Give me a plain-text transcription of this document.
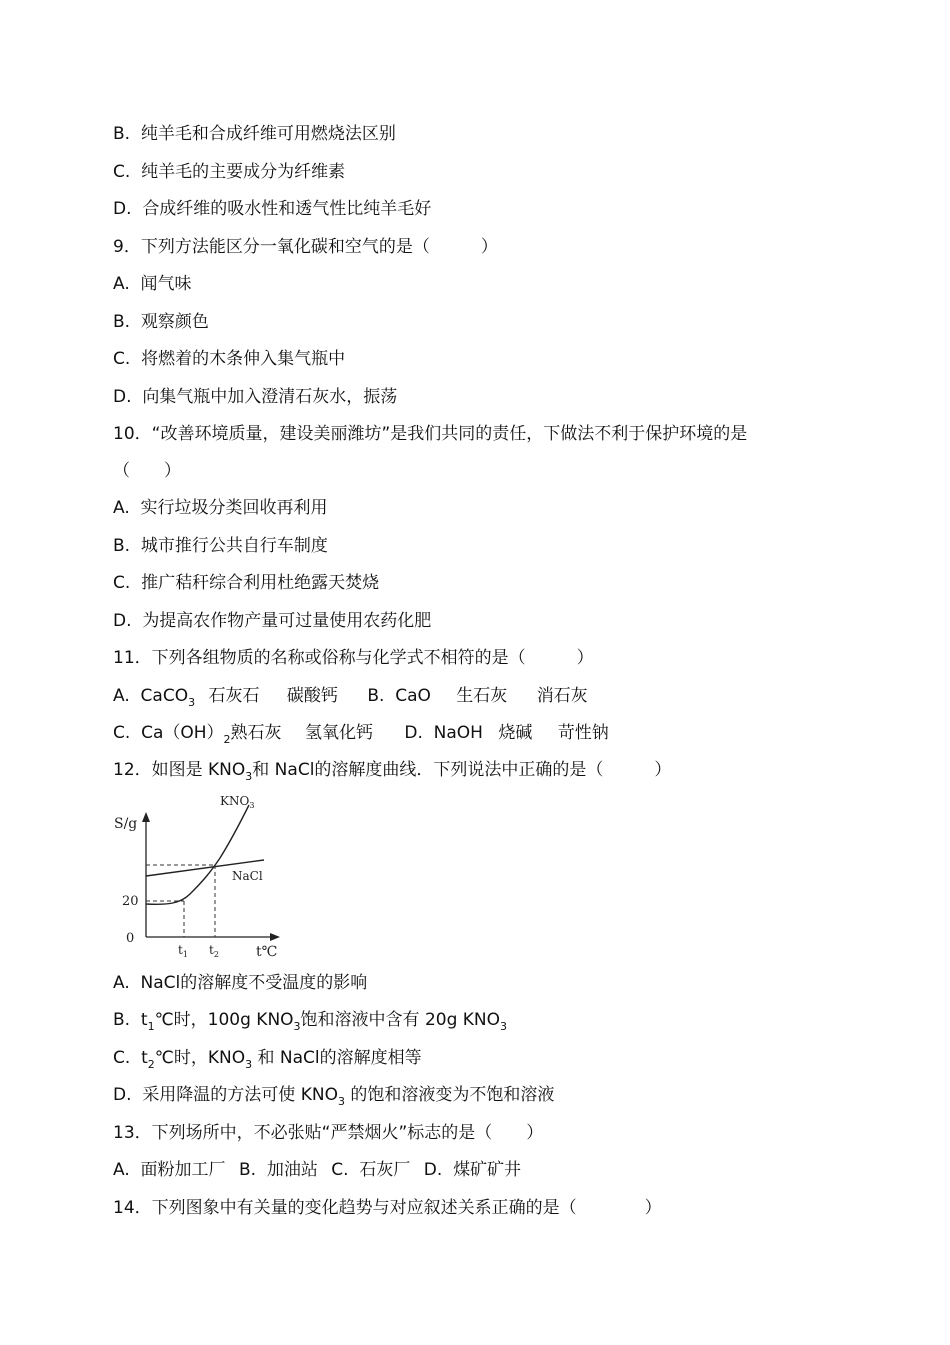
B. 纯羊毛和合成纤维可用燃烧法区别
C. 纯羊毛的主要成分为纤维素
D. 合成纤维的吸水性和透气性比纯羊毛好
9．下列方法能区分一氧化碳和空气的是（　　　）
A. 闻气味
B. 观察颜色
C. 将燃着的木条伸入集气瓶中
D. 向集气瓶中加入澄清石灰水，振荡
10．“改善环境质量，建设美丽潍坊”是我们共同的责任，下做法不利于保护环境的是
（　　）
A. 实行垃圾分类回收再利用
B. 城市推行公共自行车制度
C. 推广秸秆综合利用杜绝露天焚烧
D. 为提高农作物产量可过量使用农药化肥
11．下列各组物质的名称或俗称与化学式不相符的是（　　　）
A. CaCO$_3$ 石灰石 碳酸钙 B. CaO 生石灰 消石灰
C. $Ca(OH)_2$熟石灰 氢氧化钙 D. NaOH 烧碱 苛性钠
12．如图是 $KNO_3$和 NaCl的溶解度曲线．下列说法中正确的是（　　　）
S/g
$KNO_3$
NaCl
20
0
$t_1$ $t_2$	t℃
A. NaCl的溶解度不受温度的影响
B. $t_1℃$时，100g $KNO_3$饱和溶液中含有 20g $KNO_3$
C. $t_2℃$时，$KNO_3$ 和 NaCl的溶解度相等
D. 采用降温的方法可使 $KNO_3$ 的饱和溶液变为不饱和溶液
13．下列场所中，不必张贴“严禁烟火”标志的是（　　）
A. 面粉加工厂 B. 加油站 C. 石灰厂 D. 煤矿矿井
14．下列图象中有关量的变化趋势与对应叙述关系正确的是（　　　　）
